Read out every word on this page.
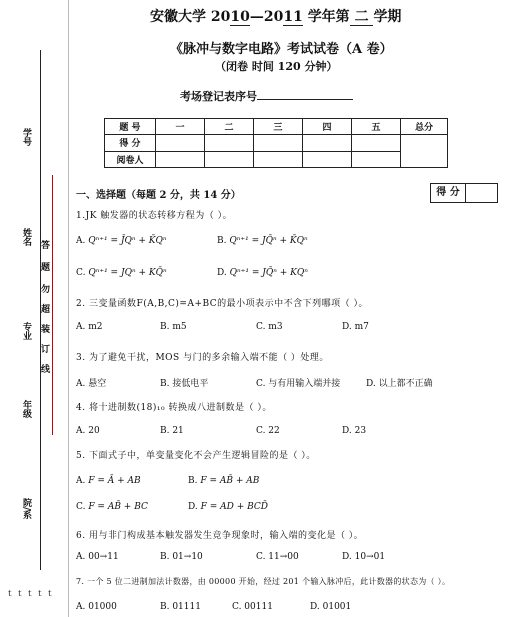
学号
姓名
专业
年级
院/系
答
题
勿
超
装
订
线
ｔｔｔｔｔ
安徽大学 2010—2011 学年第 二 学期
《脉冲与数字电路》考试试卷（A 卷）
（闭卷 时间 120 分钟）
考场登记表序号
题 号	一	二	三	四	五	总分
得 分						
阅卷人						
一、选择题（每题 2 分，共 14 分）	得 分
1.JK 触发器的状态转移方程为（ ）。
A. Qⁿ⁺¹ = J̄Qⁿ + K̄Qⁿ	B. Qⁿ⁺¹ = JQ̄ⁿ + K̄Qⁿ
C. Qⁿ⁺¹ = JQⁿ + KQ̄ⁿ	D. Qⁿ⁺¹ = JQ̄ⁿ + KQⁿ
2. 三变量函数F(A,B,C)=A+BC的最小项表示中不含下列哪项（ ）。
A. m2	B. m5	C. m3	D. m7
3. 为了避免干扰，MOS 与门的多余输入端不能（ ）处理。
A. 悬空	B. 接低电平	C. 与有用输入端并接	D. 以上都不正确
4. 将十进制数(18)₁₀ 转换成八进制数是（ ）。
A. 20	B. 21	C. 22	D. 23
5. 下面式子中，单变量变化不会产生逻辑冒险的是（ ）。
A. F = Ā + AB	B. F = AB̄ + AB
C. F = AB̄ + BC	D. F = AD + BCD̄
6. 用与非门构成基本触发器发生竞争现象时，输入端的变化是（ ）。
A. 00→11	B. 01→10	C. 11→00	D. 10→01
7. 一个 5 位二进制加法计数器，由 00000 开始，经过 201 个输入脉冲后，此计数器的状态为（ ）。
A. 01000	B. 01111	C. 00111	D. 01001
